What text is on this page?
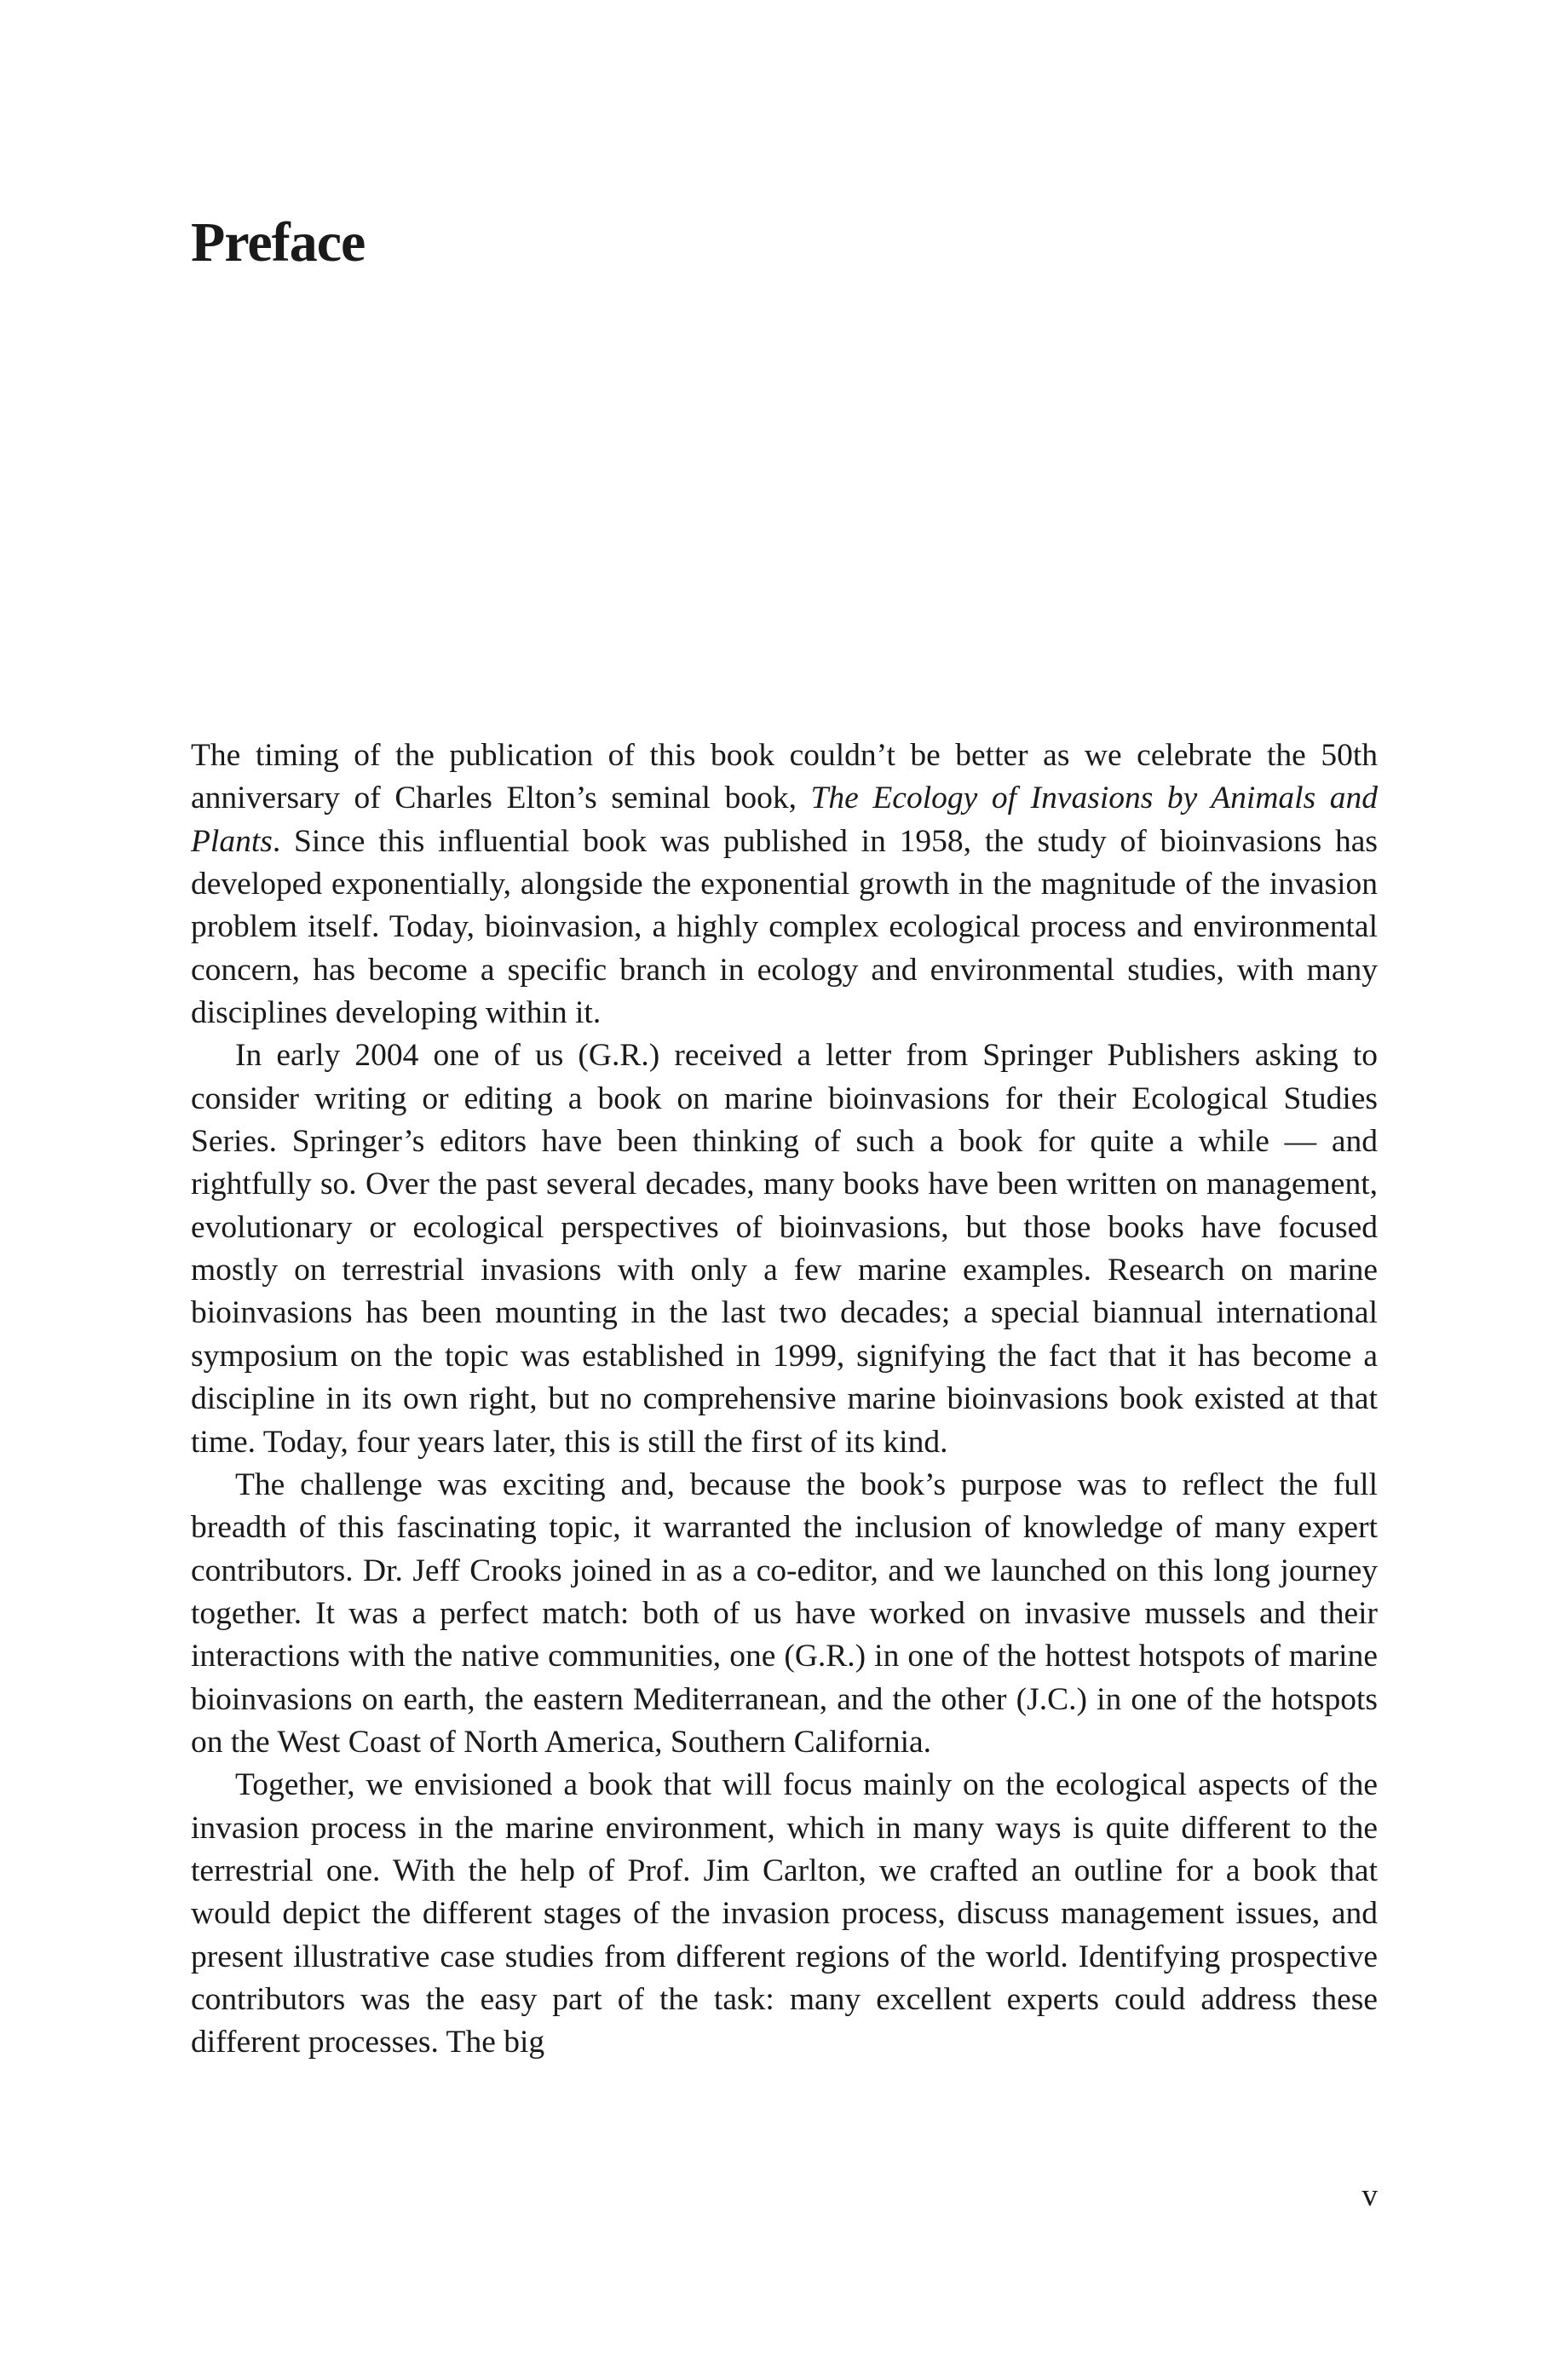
Preface

The timing of the publication of this book couldn’t be better as we celebrate the 50th anniversary of Charles Elton’s seminal book, The Ecology of Invasions by Animals and Plants. Since this influential book was published in 1958, the study of bioinvasions has developed exponentially, alongside the exponential growth in the magnitude of the invasion problem itself. Today, bioinvasion, a highly complex ecological process and environmental concern, has become a specific branch in ecology and environmental studies, with many disciplines developing within it.

In early 2004 one of us (G.R.) received a letter from Springer Publishers asking to consider writing or editing a book on marine bioinvasions for their Ecological Studies Series. Springer’s editors have been thinking of such a book for quite a while — and rightfully so. Over the past several decades, many books have been written on management, evolutionary or ecological perspectives of bioinvasions, but those books have focused mostly on terrestrial invasions with only a few marine examples. Research on marine bioinvasions has been mounting in the last two decades; a special biannual international symposium on the topic was established in 1999, signifying the fact that it has become a discipline in its own right, but no comprehensive marine bioinvasions book existed at that time. Today, four years later, this is still the first of its kind.

The challenge was exciting and, because the book’s purpose was to reflect the full breadth of this fascinating topic, it warranted the inclusion of knowledge of many expert contributors. Dr. Jeff Crooks joined in as a co-editor, and we launched on this long journey together. It was a perfect match: both of us have worked on invasive mussels and their interactions with the native communities, one (G.R.) in one of the hottest hotspots of marine bioinvasions on earth, the eastern Mediterranean, and the other (J.C.) in one of the hotspots on the West Coast of North America, Southern California.

Together, we envisioned a book that will focus mainly on the ecological aspects of the invasion process in the marine environment, which in many ways is quite different to the terrestrial one. With the help of Prof. Jim Carlton, we crafted an outline for a book that would depict the different stages of the invasion process, discuss management issues, and present illustrative case studies from different regions of the world. Identifying prospective contributors was the easy part of the task: many excellent experts could address these different processes. The big

v
